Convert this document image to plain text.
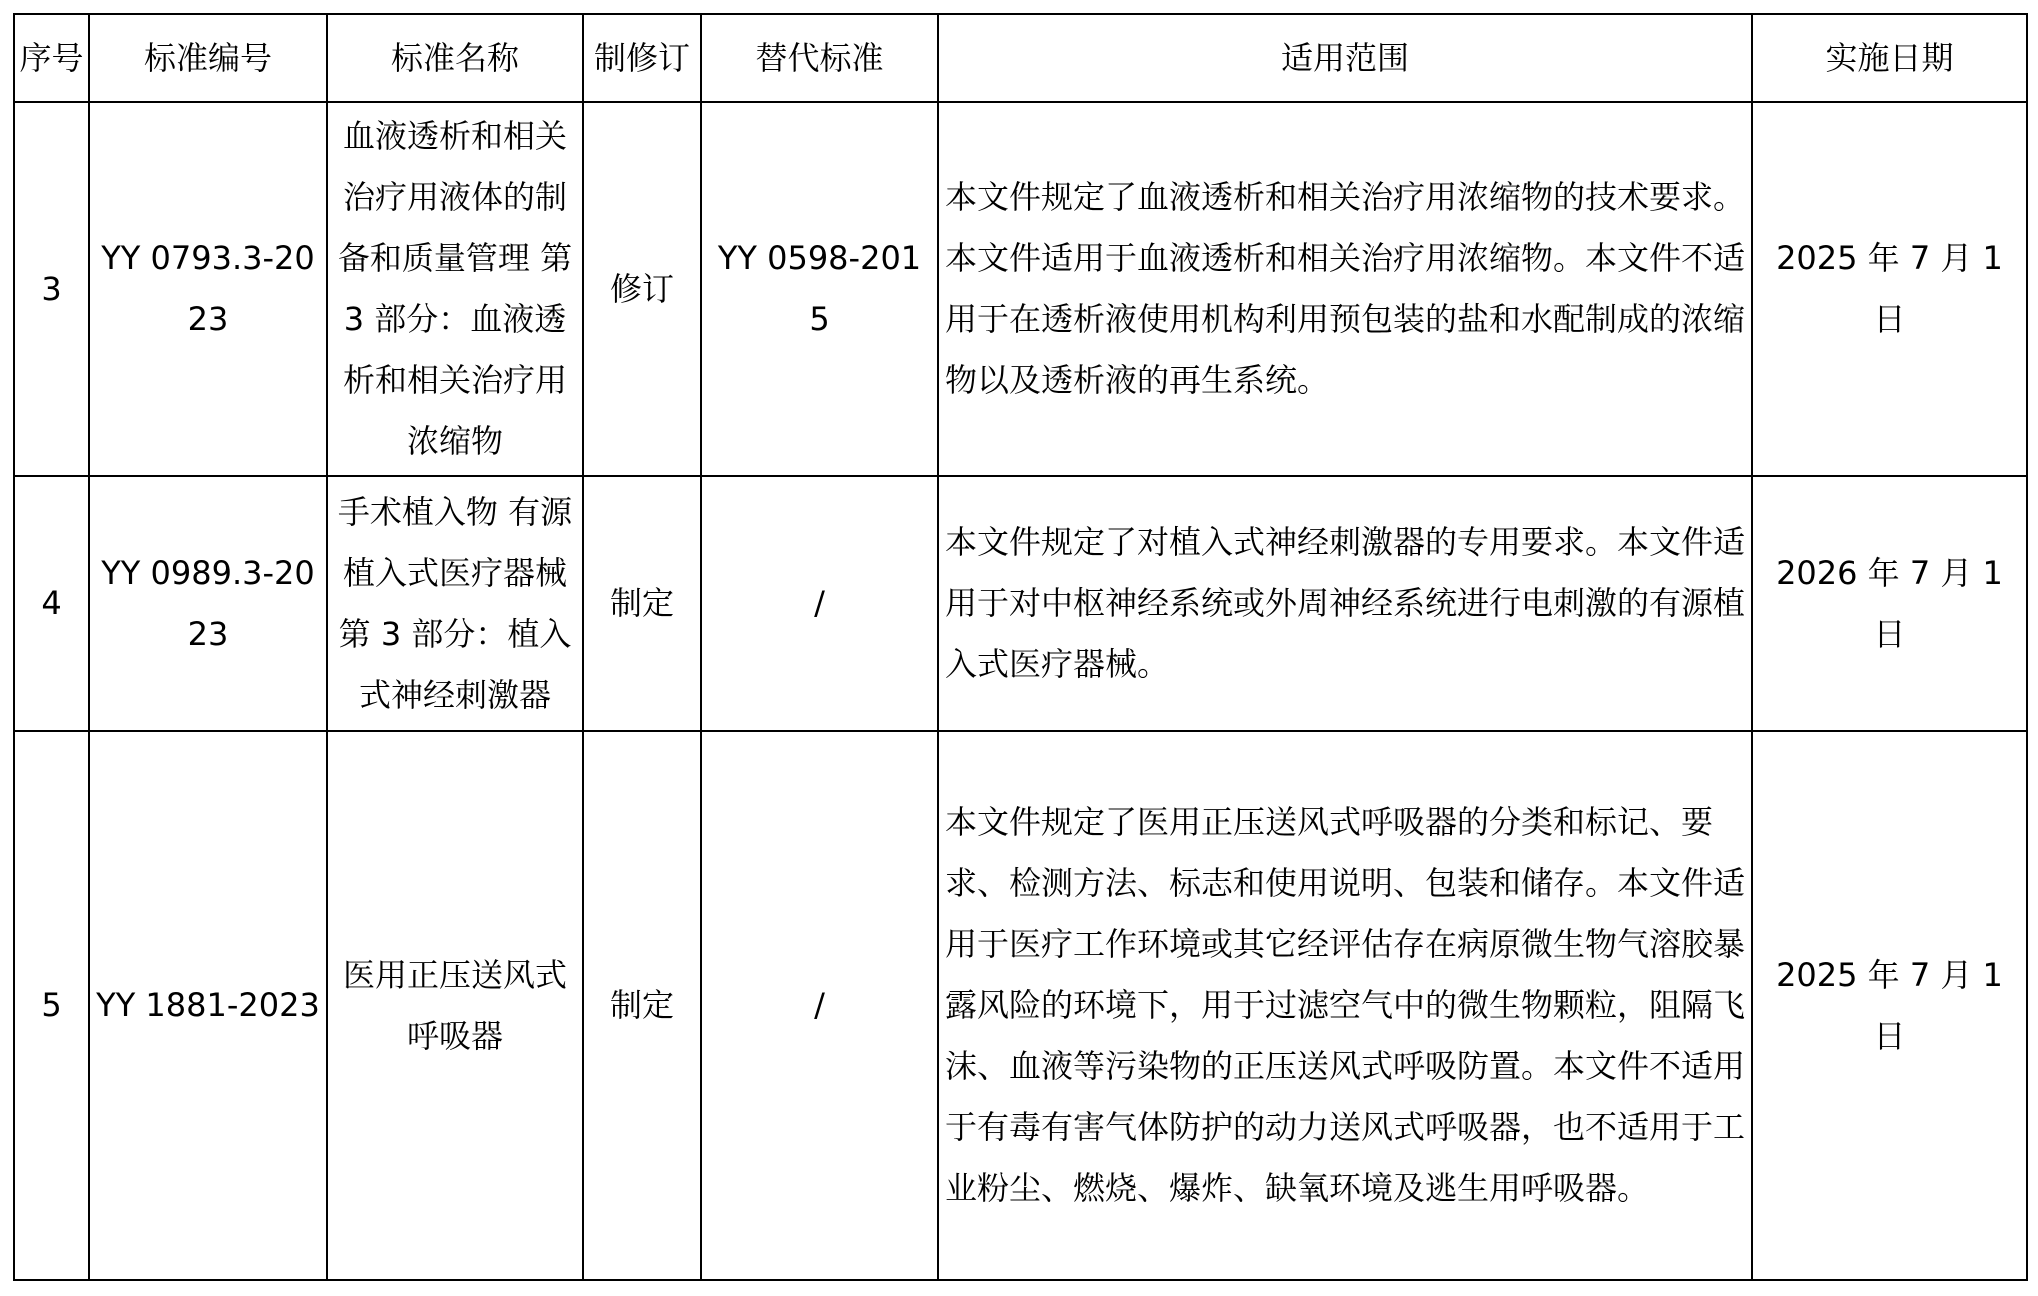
序号	标准编号	标准名称	制修订	替代标准	适用范围	实施日期
3	YY 0793.3-2023	血液透析和相关治疗用液体的制备和质量管理 第 3 部分：血液透析和相关治疗用浓缩物	修订	YY 0598-2015	本文件规定了血液透析和相关治疗用浓缩物的技术要求。本文件适用于血液透析和相关治疗用浓缩物。本文件不适用于在透析液使用机构利用预包装的盐和水配制成的浓缩物以及透析液的再生系统。	2025 年 7 月 1 日
4	YY 0989.3-2023	手术植入物 有源植入式医疗器械 第 3 部分：植入式神经刺激器	制定	/	本文件规定了对植入式神经刺激器的专用要求。本文件适用于对中枢神经系统或外周神经系统进行电刺激的有源植入式医疗器械。	2026 年 7 月 1 日
5	YY 1881-2023	医用正压送风式呼吸器	制定	/	本文件规定了医用正压送风式呼吸器的分类和标记、要求、检测方法、标志和使用说明、包装和储存。本文件适用于医疗工作环境或其它经评估存在病原微生物气溶胶暴露风险的环境下，用于过滤空气中的微生物颗粒，阻隔飞沫、血液等污染物的正压送风式呼吸防置。本文件不适用于有毒有害气体防护的动力送风式呼吸器，也不适用于工业粉尘、燃烧、爆炸、缺氧环境及逃生用呼吸器。	2025 年 7 月 1 日
